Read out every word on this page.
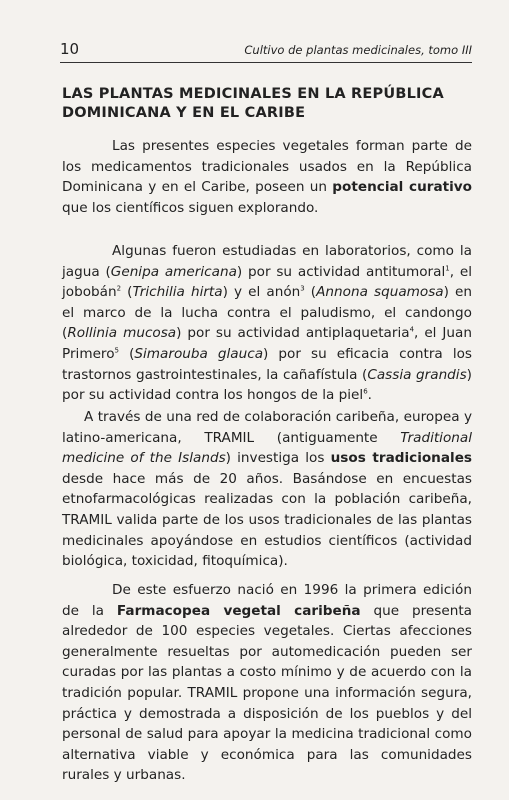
10	Cultivo de plantas medicinales, tomo III
LAS PLANTAS MEDICINALES EN LA REPÚBLICA DOMINICANA Y EN EL CARIBE

Las presentes especies vegetales forman parte de los medicamentos tradicionales usados en la República Dominicana y en el Caribe, poseen un potencial curativo que los científicos siguen explorando.

Algunas fueron estudiadas en laboratorios, como la jagua (Genipa americana) por su actividad antitumoral$^1$, el jobobán$^2$ (Trichilia hirta) y el anón$^3$ (Annona squamosa) en el marco de la lucha contra el paludismo, el candongo (Rollinia mucosa) por su actividad antiplaquetaria$^4$, el Juan Primero$^5$ (Simarouba glauca) por su eficacia contra los trastornos gastrointestinales, la cañafístula (Cassia grandis) por su actividad contra los hongos de la piel$^6$.

A través de una red de colaboración caribeña, europea y latino-americana, TRAMIL (antiguamente Traditional medicine of the Islands) investiga los usos tradicionales desde hace más de 20 años. Basándose en encuestas etnofarmacológicas realizadas con la población caribeña, TRAMIL valida parte de los usos tradicionales de las plantas medicinales apoyándose en estudios científicos (actividad biológica, toxicidad, fitoquímica).

De este esfuerzo nació en 1996 la primera edición de la Farmacopea vegetal caribeña que presenta alrededor de 100 especies vegetales. Ciertas afecciones generalmente resueltas por automedicación pueden ser curadas por las plantas a costo mínimo y de acuerdo con la tradición popular. TRAMIL propone una información segura, práctica y demostrada a disposición de los pueblos y del personal de salud para apoyar la medicina tradicional como alternativa viable y económica para las comunidades rurales y urbanas.
